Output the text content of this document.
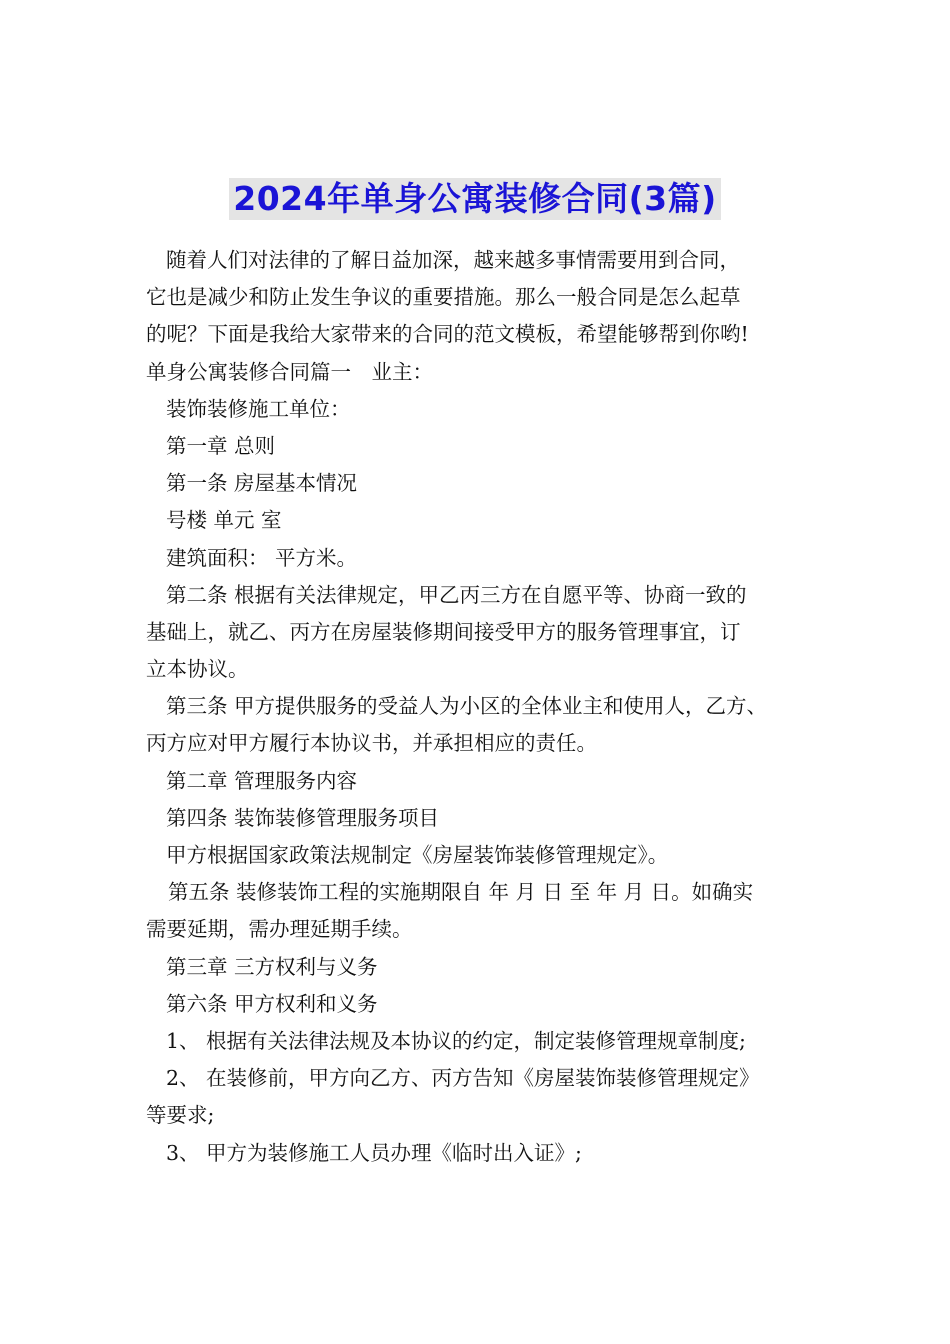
2024年单身公寓装修合同(3篇)
随着人们对法律的了解日益加深，越来越多事情需要用到合同，
它也是减少和防止发生争议的重要措施。那么一般合同是怎么起草
的呢？下面是我给大家带来的合同的范文模板，希望能够帮到你哟!
单身公寓装修合同篇一　业主：
装饰装修施工单位：
第一章 总则
第一条 房屋基本情况
号楼 单元 室
建筑面积： 平方米。
第二条 根据有关法律规定，甲乙丙三方在自愿平等、协商一致的
基础上，就乙、丙方在房屋装修期间接受甲方的服务管理事宜，订
立本协议。
第三条 甲方提供服务的受益人为小区的全体业主和使用人，乙方、
丙方应对甲方履行本协议书，并承担相应的责任。
第二章 管理服务内容
第四条 装饰装修管理服务项目
甲方根据国家政策法规制定《房屋装饰装修管理规定》。
第五条 装修装饰工程的实施期限自 年 月 日 至 年 月 日。如确实
需要延期，需办理延期手续。
第三章 三方权利与义务
第六条 甲方权利和义务
1、 根据有关法律法规及本协议的约定，制定装修管理规章制度;
2、 在装修前，甲方向乙方、丙方告知《房屋装饰装修管理规定》
等要求;
3、 甲方为装修施工人员办理《临时出入证》;
